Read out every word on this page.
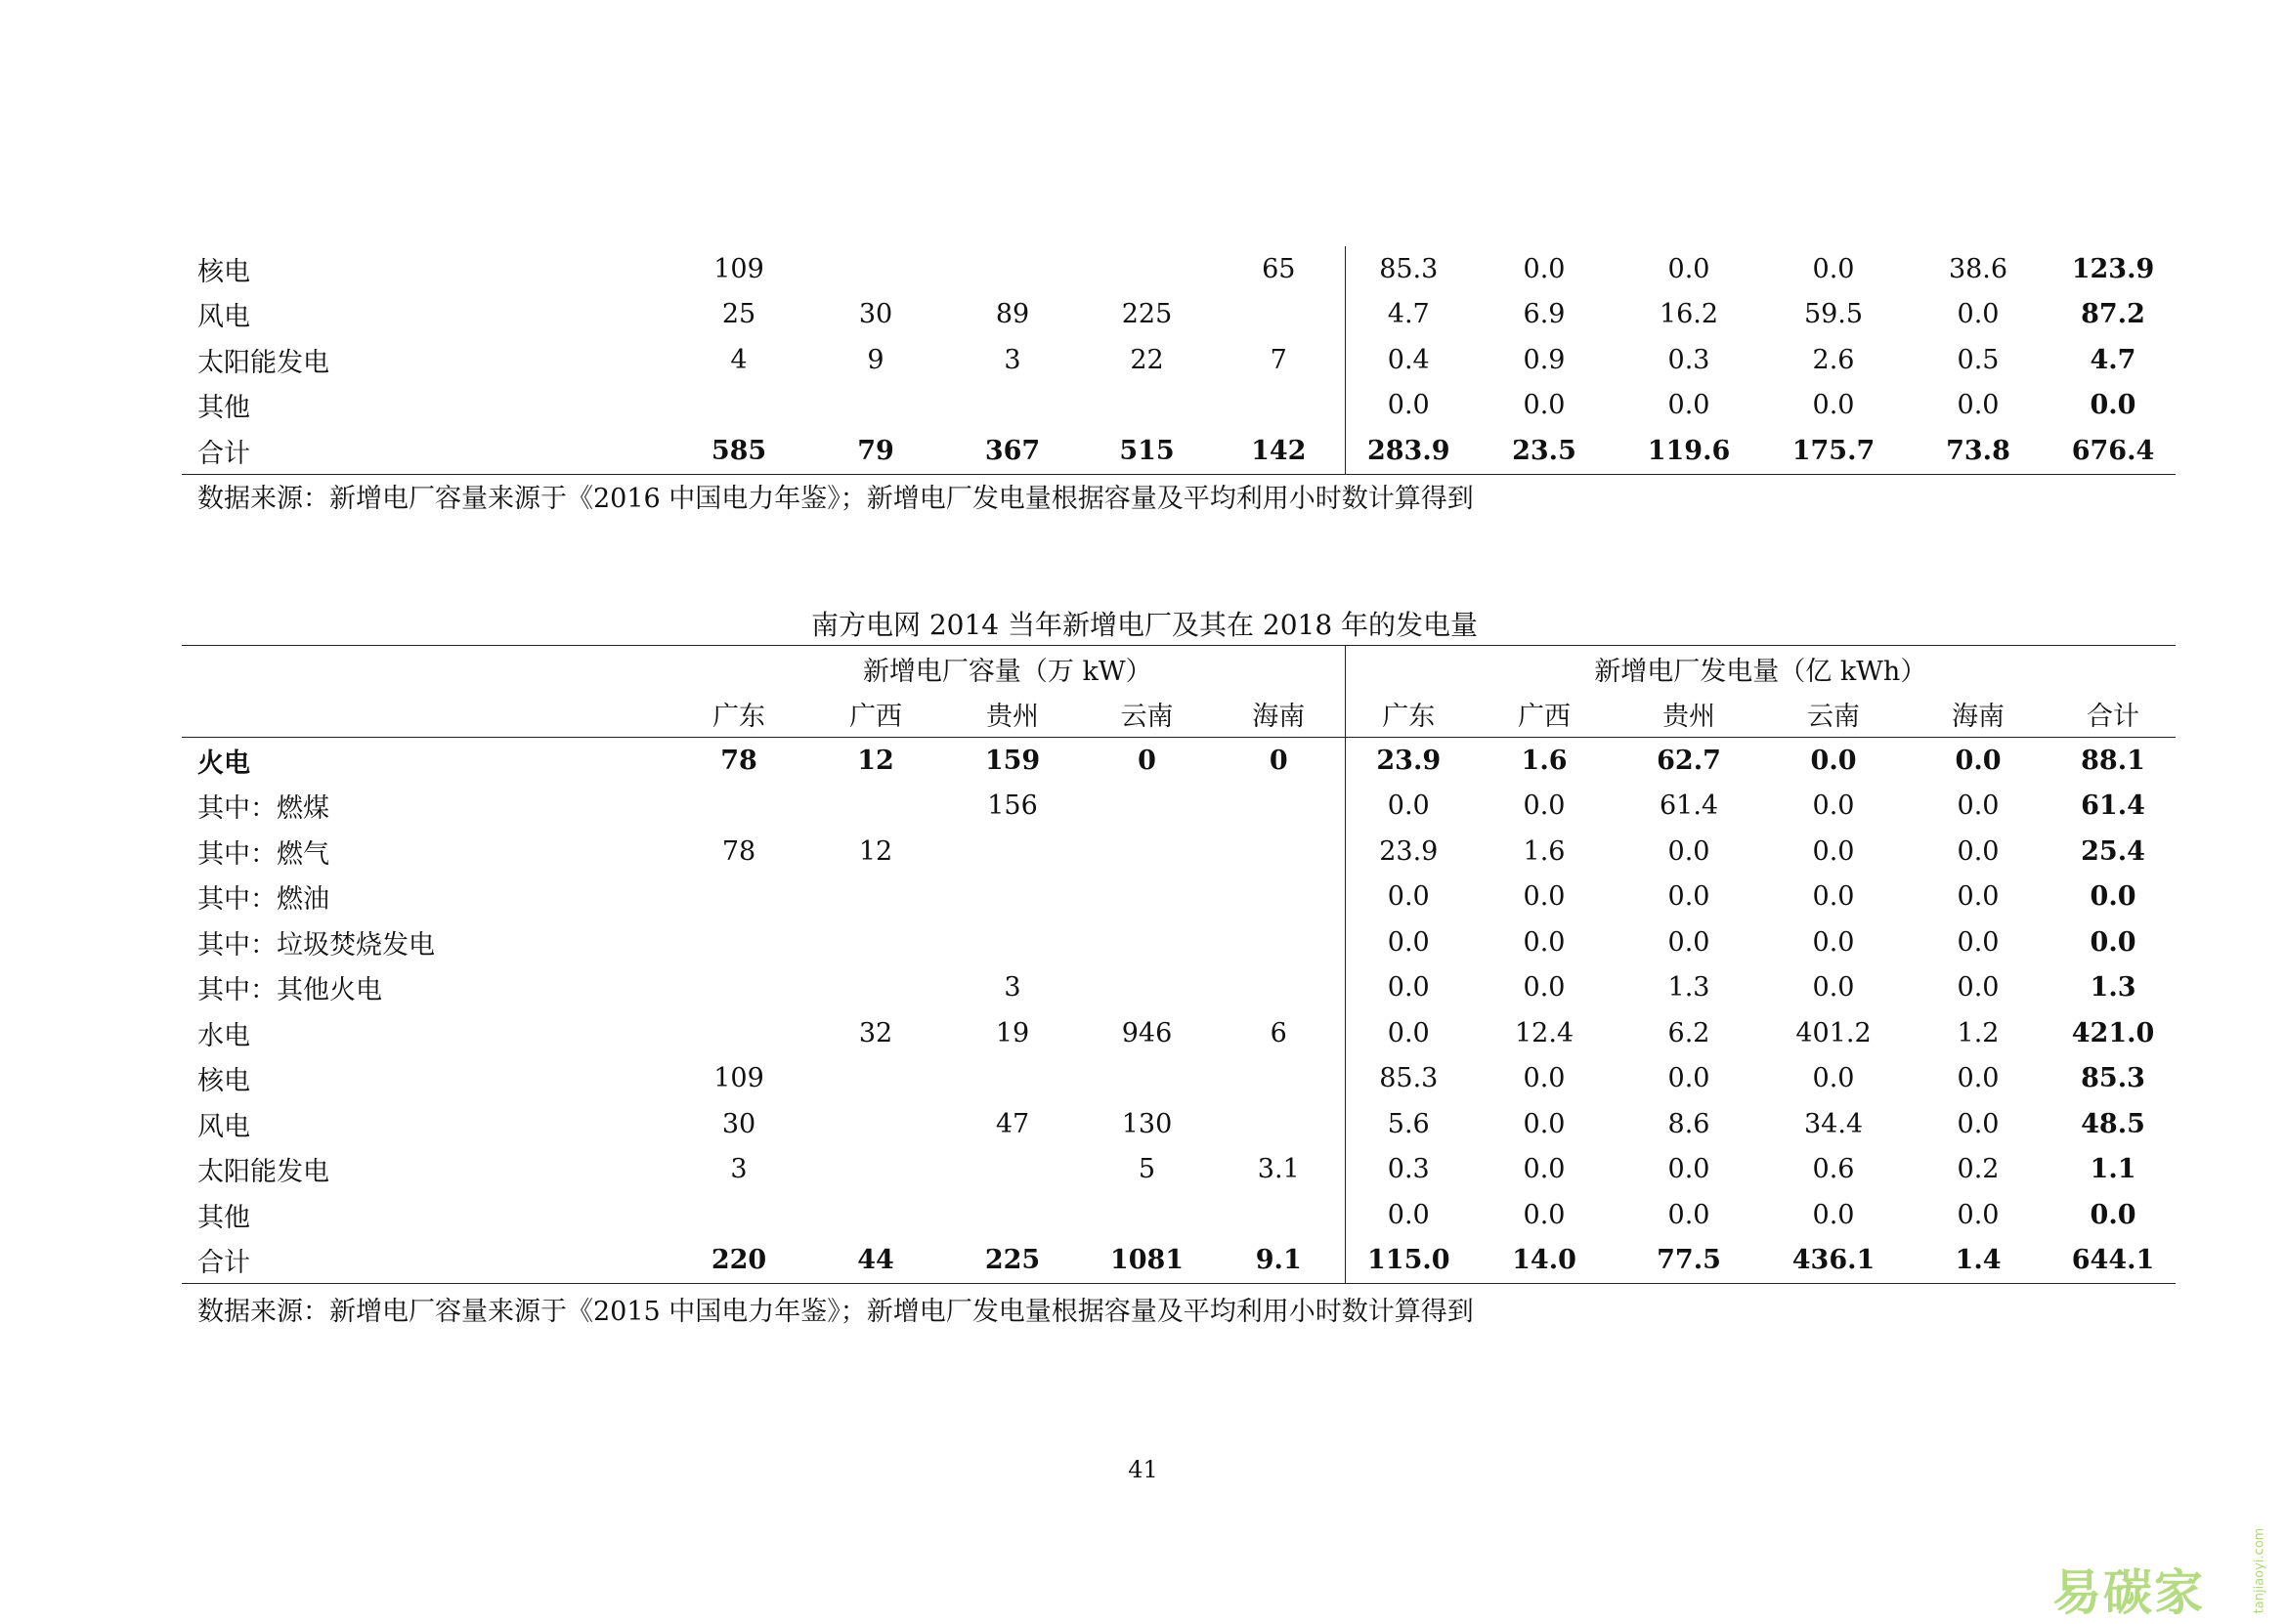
核电	109				65	85.3	0.0	0.0	0.0	38.6	123.9
风电	25	30	89	225		4.7	6.9	16.2	59.5	0.0	87.2
太阳能发电	4	9	3	22	7	0.4	0.9	0.3	2.6	0.5	4.7
其他						0.0	0.0	0.0	0.0	0.0	0.0
合计	585	79	367	515	142	283.9	23.5	119.6	175.7	73.8	676.4
数据来源：新增电厂容量来源于《2016 中国电力年鉴》；新增电厂发电量根据容量及平均利用小时数计算得到
南方电网 2014 当年新增电厂及其在 2018 年的发电量
	新增电厂容量（万 kW）					新增电厂发电量（亿 kWh）					
	广东	广西	贵州	云南	海南	广东	广西	贵州	云南	海南	合计
火电	78	12	159	0	0	23.9	1.6	62.7	0.0	0.0	88.1
其中：燃煤			156			0.0	0.0	61.4	0.0	0.0	61.4
其中：燃气	78	12				23.9	1.6	0.0	0.0	0.0	25.4
其中：燃油						0.0	0.0	0.0	0.0	0.0	0.0
其中：垃圾焚烧发电						0.0	0.0	0.0	0.0	0.0	0.0
其中：其他火电			3			0.0	0.0	1.3	0.0	0.0	1.3
水电		32	19	946	6	0.0	12.4	6.2	401.2	1.2	421.0
核电	109					85.3	0.0	0.0	0.0	0.0	85.3
风电	30		47	130		5.6	0.0	8.6	34.4	0.0	48.5
太阳能发电	3			5	3.1	0.3	0.0	0.0	0.6	0.2	1.1
其他						0.0	0.0	0.0	0.0	0.0	0.0
合计	220	44	225	1081	9.1	115.0	14.0	77.5	436.1	1.4	644.1
数据来源：新增电厂容量来源于《2015 中国电力年鉴》；新增电厂发电量根据容量及平均利用小时数计算得到
41
易碳家	tanjiaoyi.com
